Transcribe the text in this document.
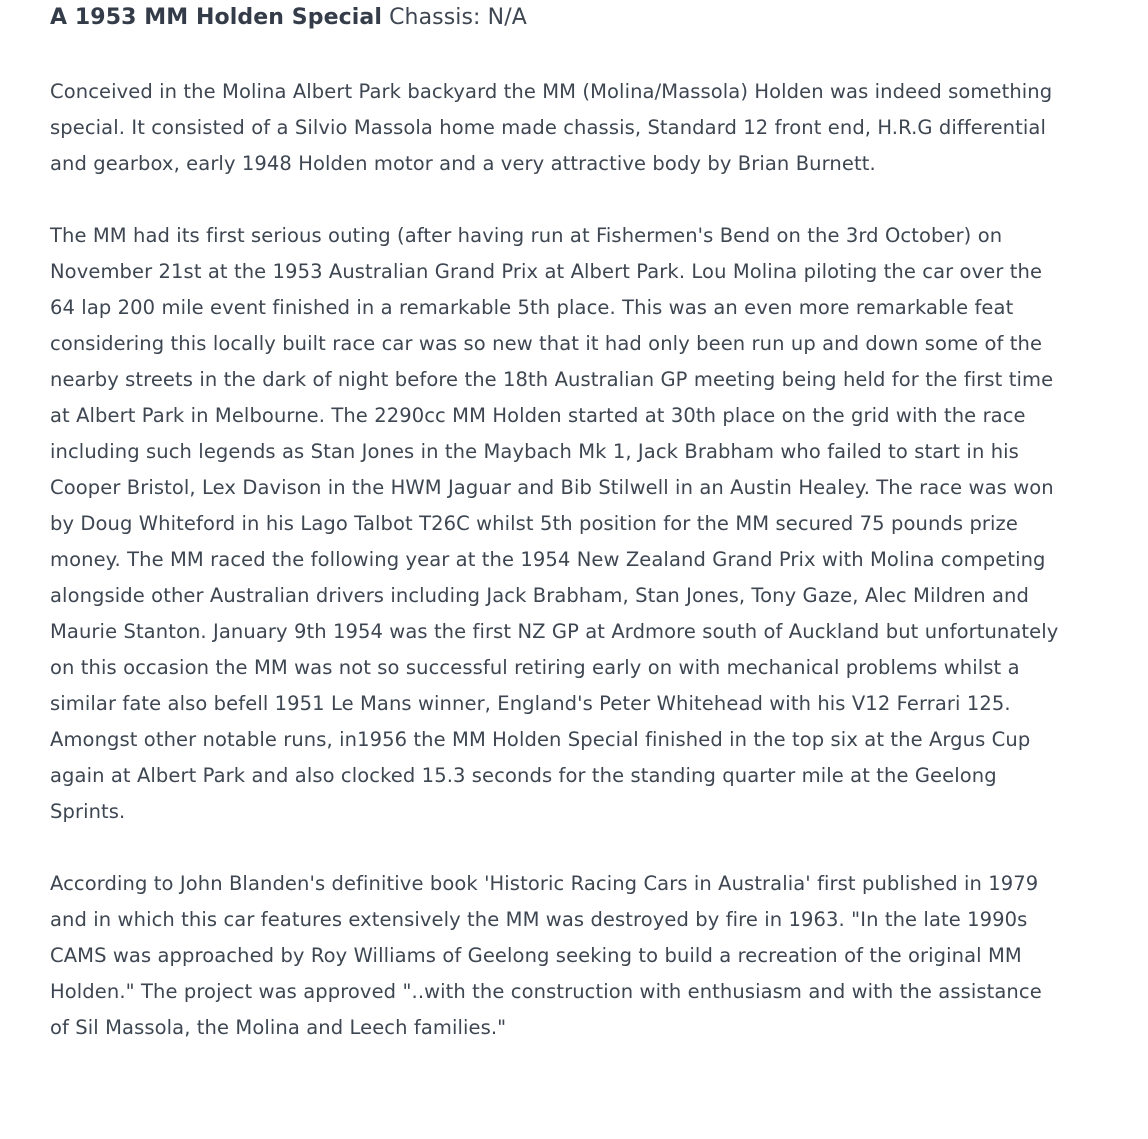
A 1953 MM Holden Special Chassis: N/A

Conceived in the Molina Albert Park backyard the MM (Molina/Massola) Holden was indeed something special. It consisted of a Silvio Massola home made chassis, Standard 12 front end, H.R.G differential and gearbox, early 1948 Holden motor and a very attractive body by Brian Burnett.

The MM had its first serious outing (after having run at Fishermen's Bend on the 3rd October) on November 21st at the 1953 Australian Grand Prix at Albert Park. Lou Molina piloting the car over the 64 lap 200 mile event finished in a remarkable 5th place. This was an even more remarkable feat considering this locally built race car was so new that it had only been run up and down some of the nearby streets in the dark of night before the 18th Australian GP meeting being held for the first time at Albert Park in Melbourne. The 2290cc MM Holden started at 30th place on the grid with the race including such legends as Stan Jones in the Maybach Mk 1, Jack Brabham who failed to start in his Cooper Bristol, Lex Davison in the HWM Jaguar and Bib Stilwell in an Austin Healey. The race was won by Doug Whiteford in his Lago Talbot T26C whilst 5th position for the MM secured 75 pounds prize money. The MM raced the following year at the 1954 New Zealand Grand Prix with Molina competing alongside other Australian drivers including Jack Brabham, Stan Jones, Tony Gaze, Alec Mildren and Maurie Stanton. January 9th 1954 was the first NZ GP at Ardmore south of Auckland but unfortunately on this occasion the MM was not so successful retiring early on with mechanical problems whilst a similar fate also befell 1951 Le Mans winner, England's Peter Whitehead with his V12 Ferrari 125. Amongst other notable runs, in1956 the MM Holden Special finished in the top six at the Argus Cup again at Albert Park and also clocked 15.3 seconds for the standing quarter mile at the Geelong Sprints.

According to John Blanden's definitive book 'Historic Racing Cars in Australia' first published in 1979 and in which this car features extensively the MM was destroyed by fire in 1963. "In the late 1990s CAMS was approached by Roy Williams of Geelong seeking to build a recreation of the original MM Holden." The project was approved "..with the construction with enthusiasm and with the assistance of Sil Massola, the Molina and Leech families."
